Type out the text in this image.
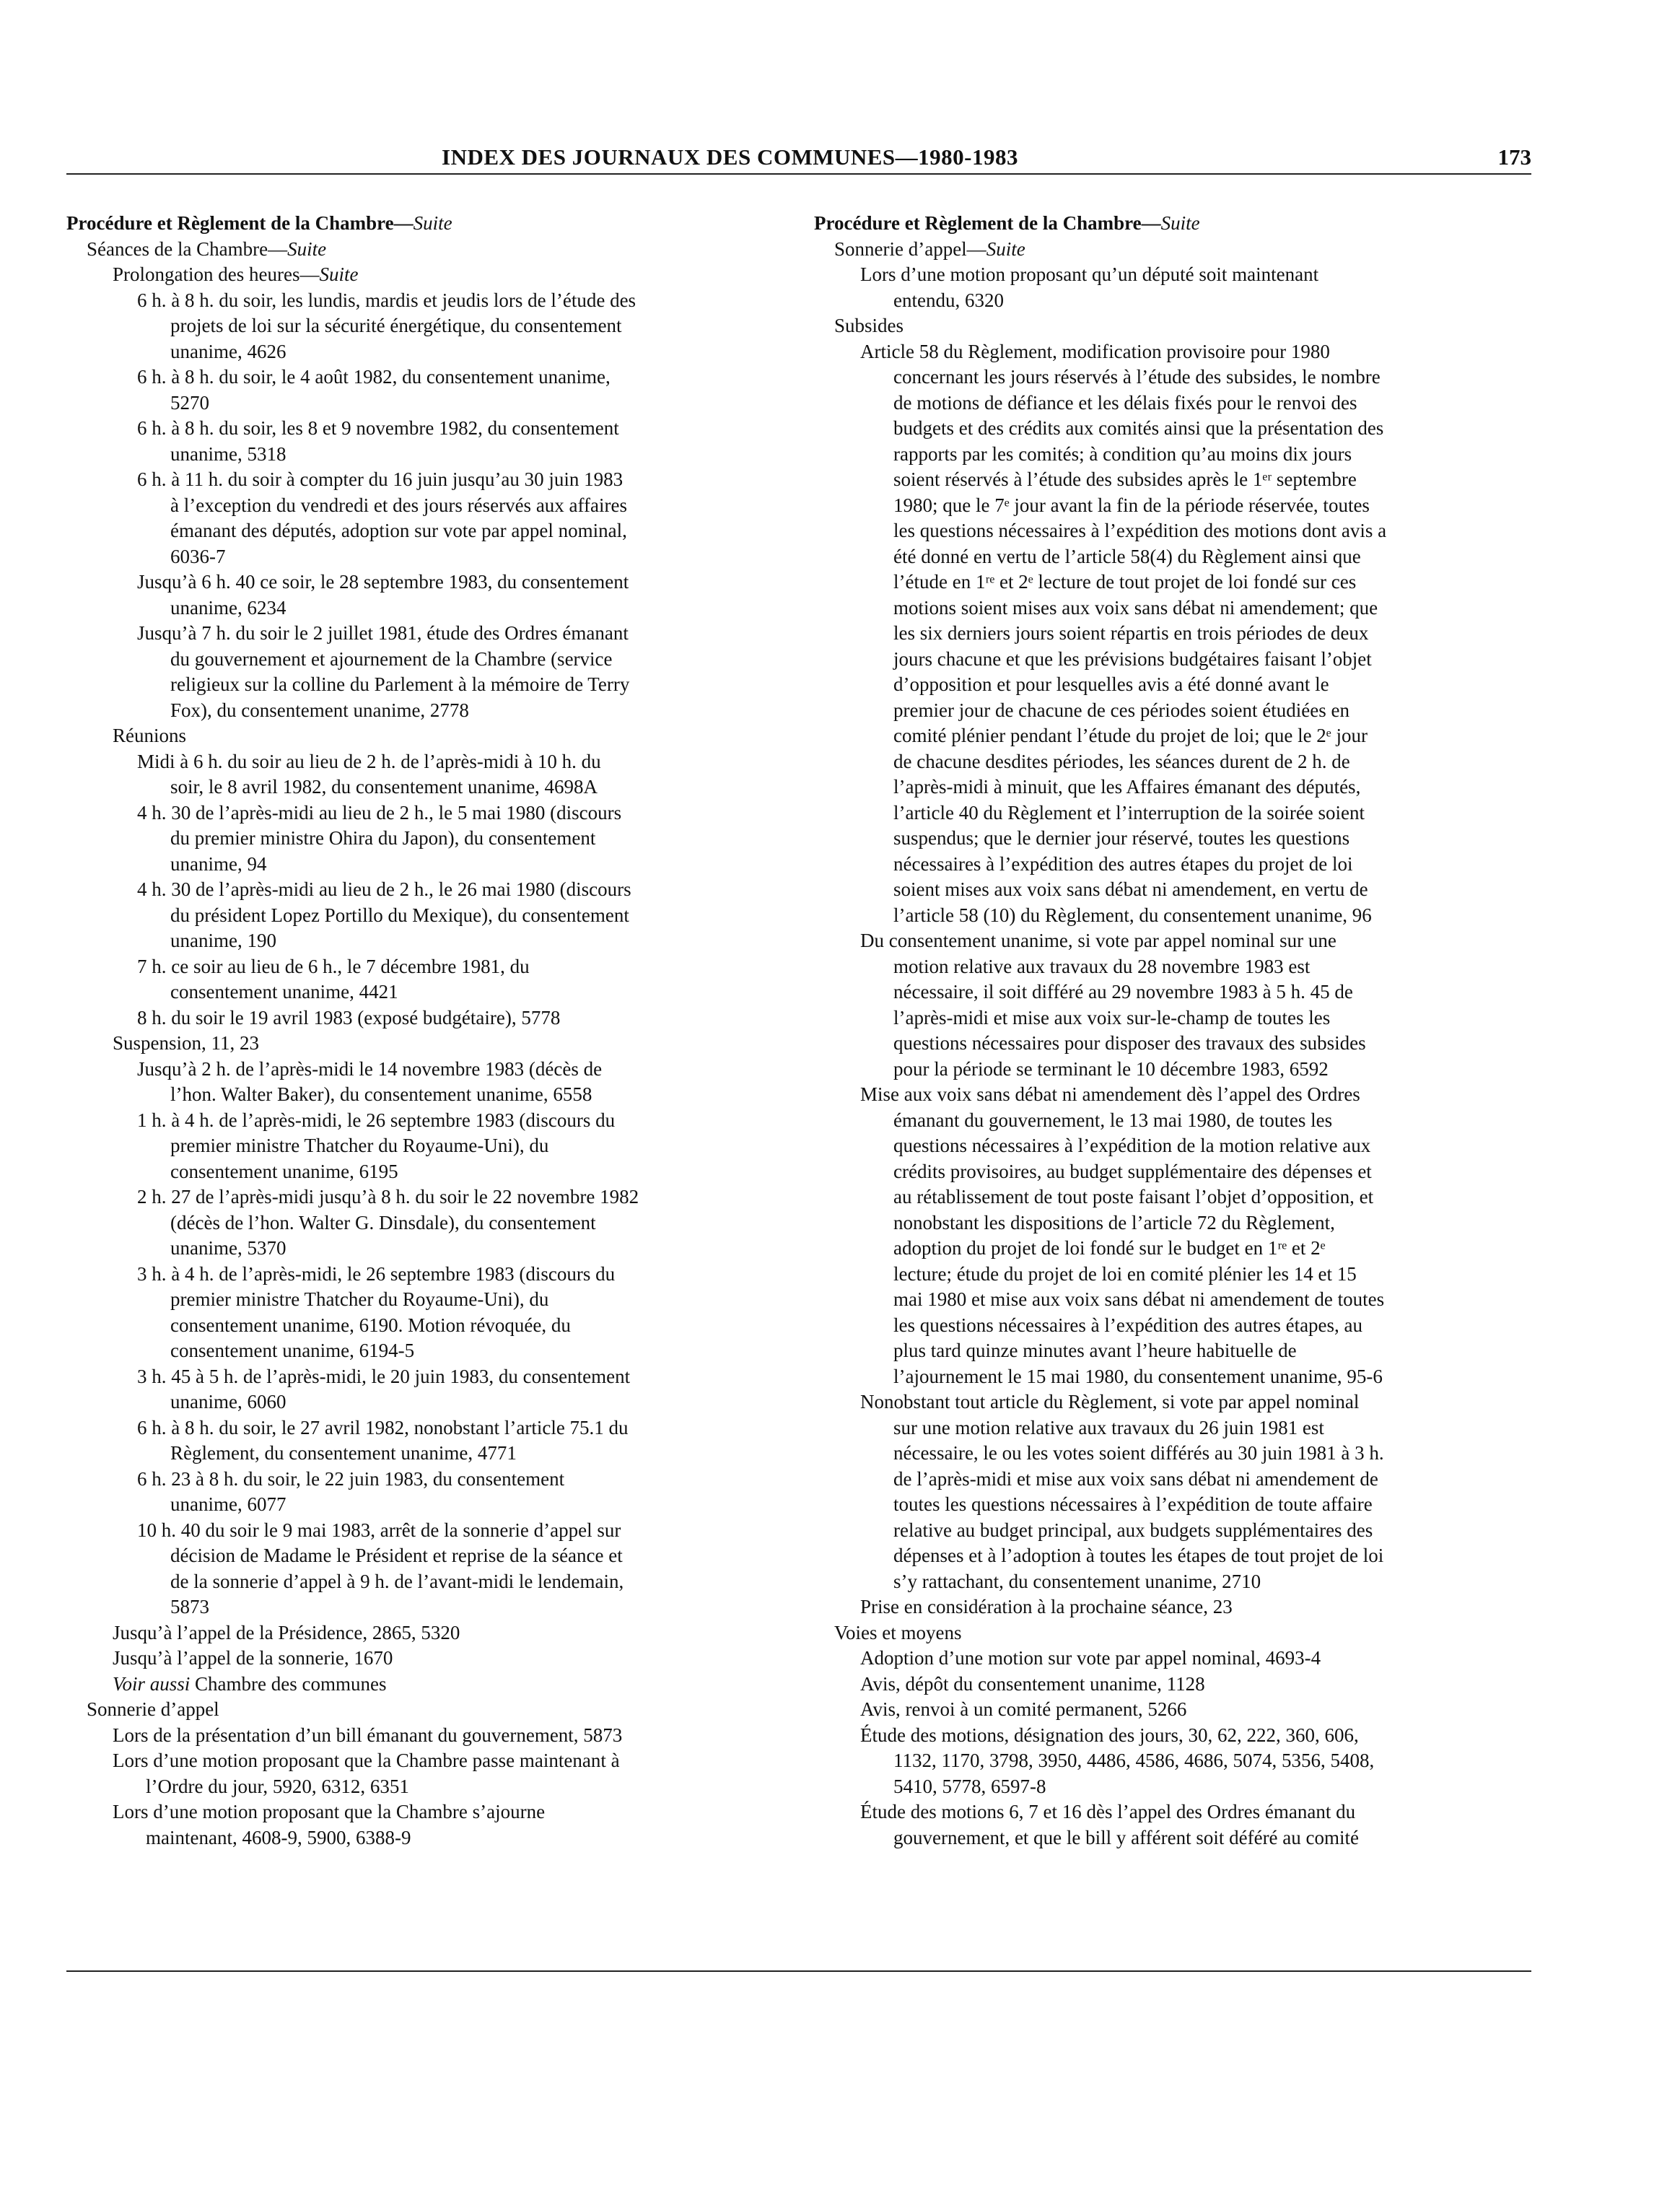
INDEX DES JOURNAUX DES COMMUNES—1980-1983	173
Procédure et Règlement de la Chambre—Suite
Séances de la Chambre—Suite
Prolongation des heures—Suite
6 h. à 8 h. du soir, les lundis, mardis et jeudis lors de l’étude des
projets de loi sur la sécurité énergétique, du consentement
unanime, 4626
6 h. à 8 h. du soir, le 4 août 1982, du consentement unanime,
5270
6 h. à 8 h. du soir, les 8 et 9 novembre 1982, du consentement
unanime, 5318
6 h. à 11 h. du soir à compter du 16 juin jusqu’au 30 juin 1983
à l’exception du vendredi et des jours réservés aux affaires
émanant des députés, adoption sur vote par appel nominal,
6036-7
Jusqu’à 6 h. 40 ce soir, le 28 septembre 1983, du consentement
unanime, 6234
Jusqu’à 7 h. du soir le 2 juillet 1981, étude des Ordres émanant
du gouvernement et ajournement de la Chambre (service
religieux sur la colline du Parlement à la mémoire de Terry
Fox), du consentement unanime, 2778
Réunions
Midi à 6 h. du soir au lieu de 2 h. de l’après-midi à 10 h. du
soir, le 8 avril 1982, du consentement unanime, 4698A
4 h. 30 de l’après-midi au lieu de 2 h., le 5 mai 1980 (discours
du premier ministre Ohira du Japon), du consentement
unanime, 94
4 h. 30 de l’après-midi au lieu de 2 h., le 26 mai 1980 (discours
du président Lopez Portillo du Mexique), du consentement
unanime, 190
7 h. ce soir au lieu de 6 h., le 7 décembre 1981, du
consentement unanime, 4421
8 h. du soir le 19 avril 1983 (exposé budgétaire), 5778
Suspension, 11, 23
Jusqu’à 2 h. de l’après-midi le 14 novembre 1983 (décès de
l’hon. Walter Baker), du consentement unanime, 6558
1 h. à 4 h. de l’après-midi, le 26 septembre 1983 (discours du
premier ministre Thatcher du Royaume-Uni), du
consentement unanime, 6195
2 h. 27 de l’après-midi jusqu’à 8 h. du soir le 22 novembre 1982
(décès de l’hon. Walter G. Dinsdale), du consentement
unanime, 5370
3 h. à 4 h. de l’après-midi, le 26 septembre 1983 (discours du
premier ministre Thatcher du Royaume-Uni), du
consentement unanime, 6190. Motion révoquée, du
consentement unanime, 6194-5
3 h. 45 à 5 h. de l’après-midi, le 20 juin 1983, du consentement
unanime, 6060
6 h. à 8 h. du soir, le 27 avril 1982, nonobstant l’article 75.1 du
Règlement, du consentement unanime, 4771
6 h. 23 à 8 h. du soir, le 22 juin 1983, du consentement
unanime, 6077
10 h. 40 du soir le 9 mai 1983, arrêt de la sonnerie d’appel sur
décision de Madame le Président et reprise de la séance et
de la sonnerie d’appel à 9 h. de l’avant-midi le lendemain,
5873
Jusqu’à l’appel de la Présidence, 2865, 5320
Jusqu’à l’appel de la sonnerie, 1670
Voir aussi Chambre des communes
Sonnerie d’appel
Lors de la présentation d’un bill émanant du gouvernement, 5873
Lors d’une motion proposant que la Chambre passe maintenant à
l’Ordre du jour, 5920, 6312, 6351
Lors d’une motion proposant que la Chambre s’ajourne
maintenant, 4608-9, 5900, 6388-9
Procédure et Règlement de la Chambre—Suite
Sonnerie d’appel—Suite
Lors d’une motion proposant qu’un député soit maintenant
entendu, 6320
Subsides
Article 58 du Règlement, modification provisoire pour 1980
concernant les jours réservés à l’étude des subsides, le nombre
de motions de défiance et les délais fixés pour le renvoi des
budgets et des crédits aux comités ainsi que la présentation des
rapports par les comités; à condition qu’au moins dix jours
soient réservés à l’étude des subsides après le 1ᵉʳ septembre
1980; que le 7ᵉ jour avant la fin de la période réservée, toutes
les questions nécessaires à l’expédition des motions dont avis a
été donné en vertu de l’article 58(4) du Règlement ainsi que
l’étude en 1ʳᵉ et 2ᵉ lecture de tout projet de loi fondé sur ces
motions soient mises aux voix sans débat ni amendement; que
les six derniers jours soient répartis en trois périodes de deux
jours chacune et que les prévisions budgétaires faisant l’objet
d’opposition et pour lesquelles avis a été donné avant le
premier jour de chacune de ces périodes soient étudiées en
comité plénier pendant l’étude du projet de loi; que le 2ᵉ jour
de chacune desdites périodes, les séances durent de 2 h. de
l’après-midi à minuit, que les Affaires émanant des députés,
l’article 40 du Règlement et l’interruption de la soirée soient
suspendus; que le dernier jour réservé, toutes les questions
nécessaires à l’expédition des autres étapes du projet de loi
soient mises aux voix sans débat ni amendement, en vertu de
l’article 58 (10) du Règlement, du consentement unanime, 96
Du consentement unanime, si vote par appel nominal sur une
motion relative aux travaux du 28 novembre 1983 est
nécessaire, il soit différé au 29 novembre 1983 à 5 h. 45 de
l’après-midi et mise aux voix sur-le-champ de toutes les
questions nécessaires pour disposer des travaux des subsides
pour la période se terminant le 10 décembre 1983, 6592
Mise aux voix sans débat ni amendement dès l’appel des Ordres
émanant du gouvernement, le 13 mai 1980, de toutes les
questions nécessaires à l’expédition de la motion relative aux
crédits provisoires, au budget supplémentaire des dépenses et
au rétablissement de tout poste faisant l’objet d’opposition, et
nonobstant les dispositions de l’article 72 du Règlement,
adoption du projet de loi fondé sur le budget en 1ʳᵉ et 2ᵉ
lecture; étude du projet de loi en comité plénier les 14 et 15
mai 1980 et mise aux voix sans débat ni amendement de toutes
les questions nécessaires à l’expédition des autres étapes, au
plus tard quinze minutes avant l’heure habituelle de
l’ajournement le 15 mai 1980, du consentement unanime, 95-6
Nonobstant tout article du Règlement, si vote par appel nominal
sur une motion relative aux travaux du 26 juin 1981 est
nécessaire, le ou les votes soient différés au 30 juin 1981 à 3 h.
de l’après-midi et mise aux voix sans débat ni amendement de
toutes les questions nécessaires à l’expédition de toute affaire
relative au budget principal, aux budgets supplémentaires des
dépenses et à l’adoption à toutes les étapes de tout projet de loi
s’y rattachant, du consentement unanime, 2710
Prise en considération à la prochaine séance, 23
Voies et moyens
Adoption d’une motion sur vote par appel nominal, 4693-4
Avis, dépôt du consentement unanime, 1128
Avis, renvoi à un comité permanent, 5266
Étude des motions, désignation des jours, 30, 62, 222, 360, 606,
1132, 1170, 3798, 3950, 4486, 4586, 4686, 5074, 5356, 5408,
5410, 5778, 6597-8
Étude des motions 6, 7 et 16 dès l’appel des Ordres émanant du
gouvernement, et que le bill y afférent soit déféré au comité
